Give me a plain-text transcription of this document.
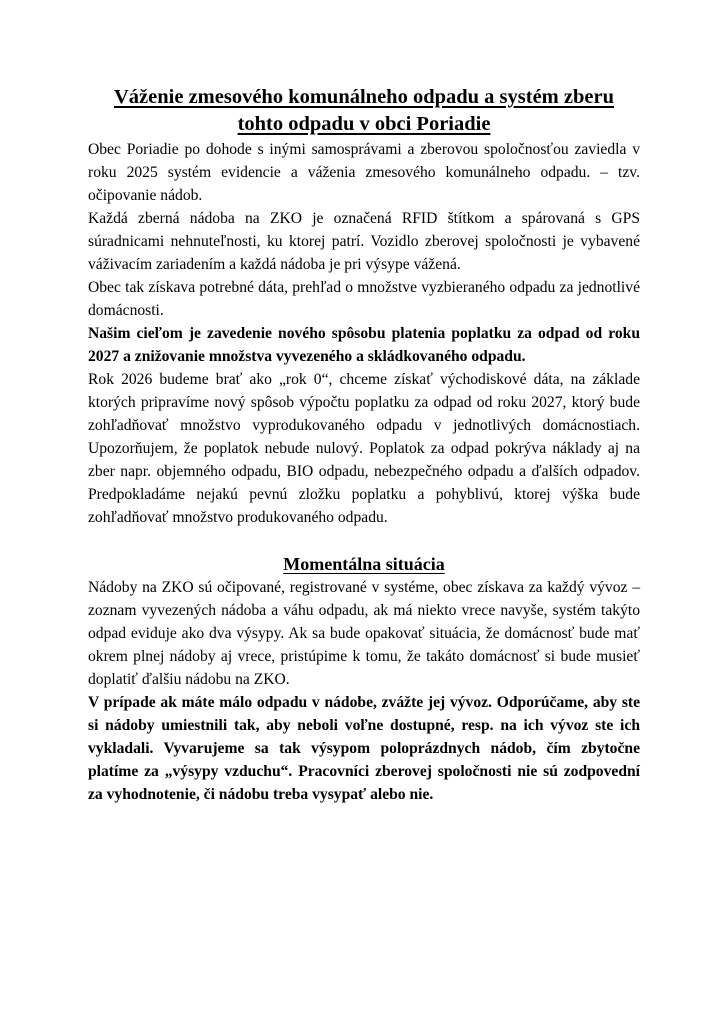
Váženie zmesového komunálneho odpadu a systém zberu
tohto odpadu v obci Poriadie

Obec Poriadie po dohode s inými samosprávami a zberovou spoločnosťou zaviedla v roku 2025 systém evidencie a váženia zmesového komunálneho odpadu. – tzv. očipovanie nádob.

Každá zberná nádoba na ZKO je označená RFID štítkom a spárovaná s GPS súradnicami nehnuteľnosti, ku ktorej patrí. Vozidlo zberovej spoločnosti je vybavené váživacím zariadením a každá nádoba je pri výsype vážená.

Obec tak získava potrebné dáta, prehľad o množstve vyzbieraného odpadu za jednotlivé domácnosti.

Našim cieľom je zavedenie nového spôsobu platenia poplatku za odpad od roku 2027 a znižovanie množstva vyvezeného a skládkovaného odpadu.

Rok 2026 budeme brať ako „rok 0“, chceme získať východiskové dáta, na základe ktorých pripravíme nový spôsob výpočtu poplatku za odpad od roku 2027, ktorý bude zohľadňovať množstvo vyprodukovaného odpadu v jednotlivých domácnostiach. Upozorňujem, že poplatok nebude nulový. Poplatok za odpad pokrýva náklady aj na zber napr. objemného odpadu, BIO odpadu, nebezpečného odpadu a ďalších odpadov. Predpokladáme nejakú pevnú zložku poplatku a pohyblivú, ktorej výška bude zohľadňovať množstvo produkovaného odpadu.

Momentálna situácia

Nádoby na ZKO sú očipované, registrované v systéme, obec získava za každý vývoz – zoznam vyvezených nádoba a váhu odpadu, ak má niekto vrece navyše, systém takýto odpad eviduje ako dva výsypy. Ak sa bude opakovať situácia, že domácnosť bude mať okrem plnej nádoby aj vrece, pristúpime k tomu, že takáto domácnosť si bude musieť doplatiť ďalšiu nádobu na ZKO.

V prípade ak máte málo odpadu v nádobe, zvážte jej vývoz. Odporúčame, aby ste si nádoby umiestnili tak, aby neboli voľne dostupné, resp. na ich vývoz ste ich vykladali. Vyvarujeme sa tak výsypom poloprázdnych nádob, čím zbytočne platíme za „výsypy vzduchu“. Pracovníci zberovej spoločnosti nie sú zodpovední za vyhodnotenie, či nádobu treba vysypať alebo nie.
